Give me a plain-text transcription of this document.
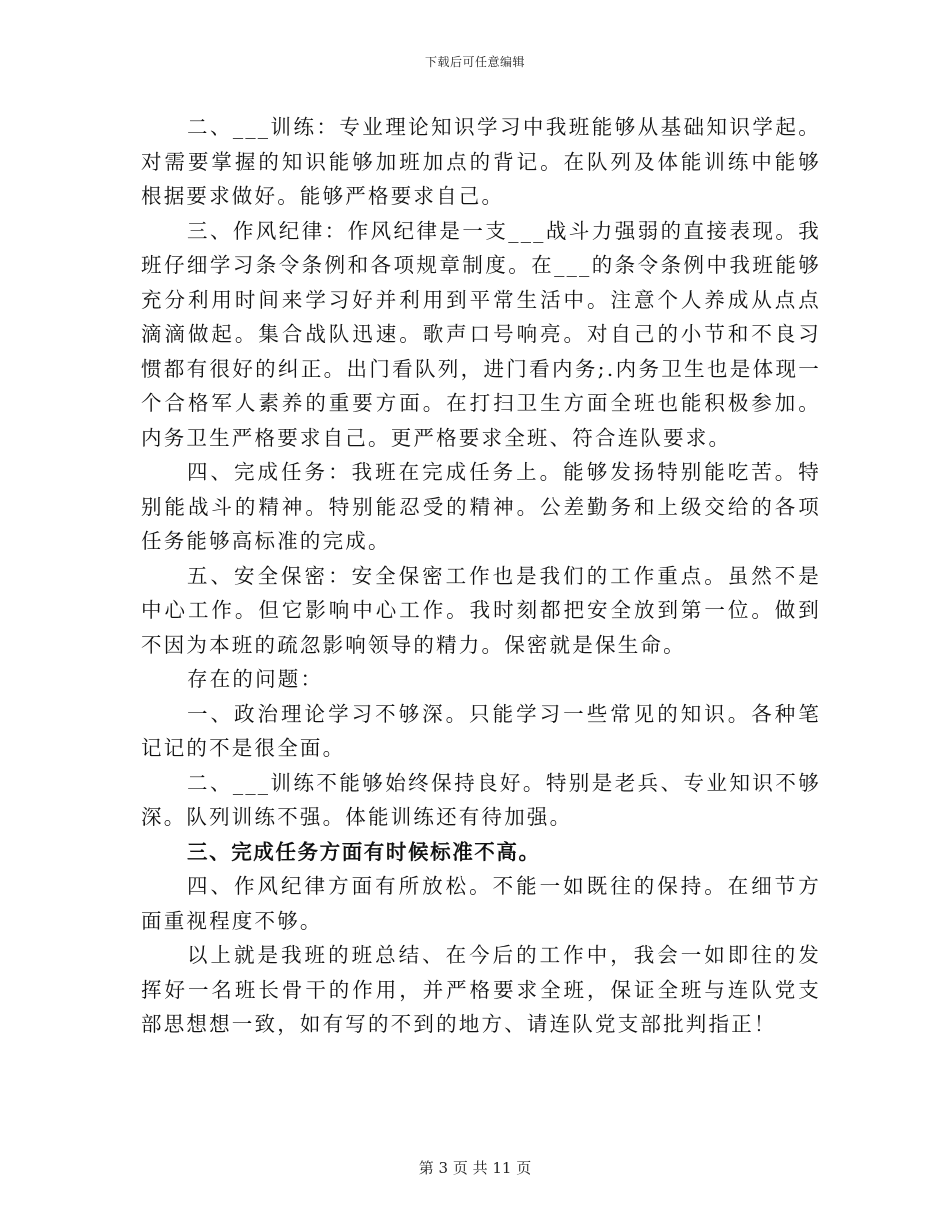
下载后可任意编辑

二、___训练：专业理论知识学习中我班能够从基础知识学起。对需要掌握的知识能够加班加点的背记。在队列及体能训练中能够根据要求做好。能够严格要求自己。

三、作风纪律：作风纪律是一支___战斗力强弱的直接表现。我班仔细学习条令条例和各项规章制度。在___的条令条例中我班能够充分利用时间来学习好并利用到平常生活中。注意个人养成从点点滴滴做起。集合战队迅速。歌声口号响亮。对自己的小节和不良习惯都有很好的纠正。出门看队列，进门看内务;.内务卫生也是体现一个合格军人素养的重要方面。在打扫卫生方面全班也能积极参加。内务卫生严格要求自己。更严格要求全班、符合连队要求。

四、完成任务：我班在完成任务上。能够发扬特别能吃苦。特别能战斗的精神。特别能忍受的精神。公差勤务和上级交给的各项任务能够高标准的完成。

五、安全保密：安全保密工作也是我们的工作重点。虽然不是中心工作。但它影响中心工作。我时刻都把安全放到第一位。做到不因为本班的疏忽影响领导的精力。保密就是保生命。

存在的问题：

一、政治理论学习不够深。只能学习一些常见的知识。各种笔记记的不是很全面。

二、___训练不能够始终保持良好。特别是老兵、专业知识不够深。队列训练不强。体能训练还有待加强。

三、完成任务方面有时候标准不高。

四、作风纪律方面有所放松。不能一如既往的保持。在细节方面重视程度不够。

以上就是我班的班总结、在今后的工作中，我会一如即往的发挥好一名班长骨干的作用，并严格要求全班，保证全班与连队党支部思想想一致，如有写的不到的地方、请连队党支部批判指正！

第 3 页 共 11 页
